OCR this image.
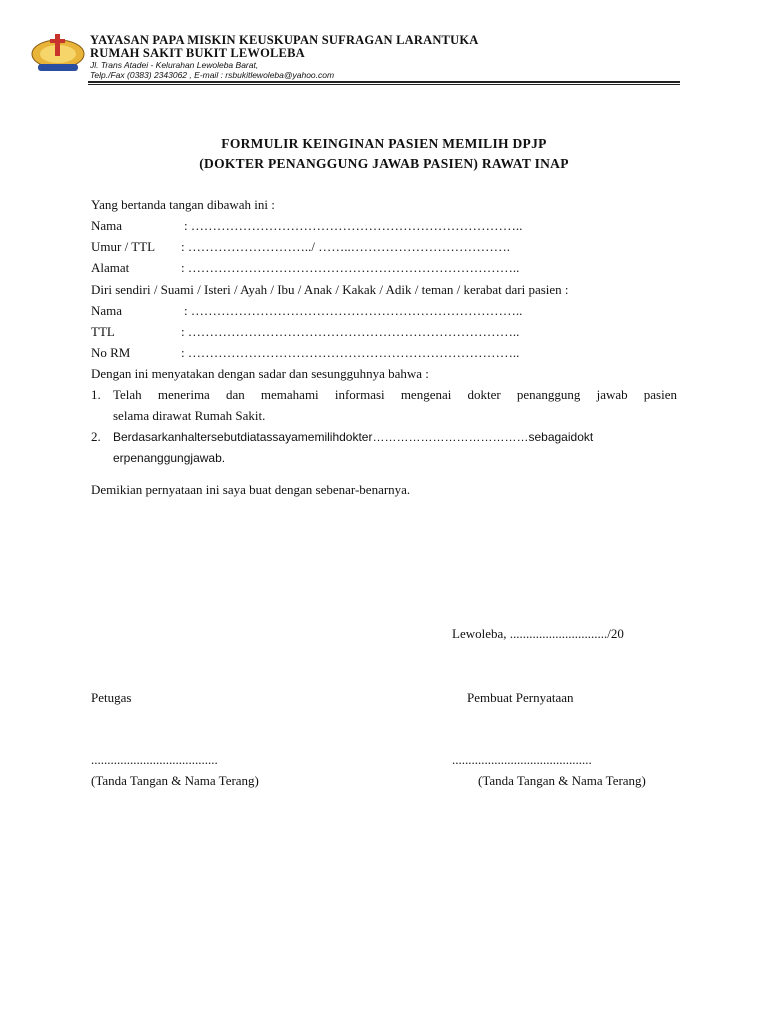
YAYASAN PAPA MISKIN KEUSKUPAN SUFRAGAN LARANTUKA
RUMAH SAKIT BUKIT LEWOLEBA
Jl. Trans Atadei - Kelurahan Lewoleba Barat,
Telp./Fax (0383) 2343062 , E-mail : rsbukitlewoleba@yahoo.com
FORMULIR KEINGINAN PASIEN MEMILIH DPJP
(DOKTER PENANGGUNG JAWAB PASIEN) RAWAT INAP
Yang bertanda tangan dibawah ini :
Nama	: …………………………………………………………………..
Umur / TTL : ………………………../ ……..……………………………….
Alamat	: …………………………………………………………………..
Diri sendiri / Suami / Isteri / Ayah / Ibu / Anak / Kakak / Adik / teman / kerabat dari pasien :
Nama	: …………………………………………………………………..
TTL	: …………………………………………………………………..
No RM	: …………………………………………………………………..
Dengan ini menyatakan dengan sadar dan sesungguhnya bahwa :
1. Telah menerima dan memahami informasi mengenai dokter penanggung jawab pasien
selama dirawat Rumah Sakit.
2. Berdasarkanhaltersebutdiatassayamemilihdokter…………………………………sebagaidokt
erpenanggungjawab.
Demikian pernyataan ini saya buat dengan sebenar-benarnya.
Lewoleba, ............................../20
Petugas	Pembuat Pernyataan
.......................................	...........................................
(Tanda Tangan & Nama Terang)	(Tanda Tangan & Nama Terang)
